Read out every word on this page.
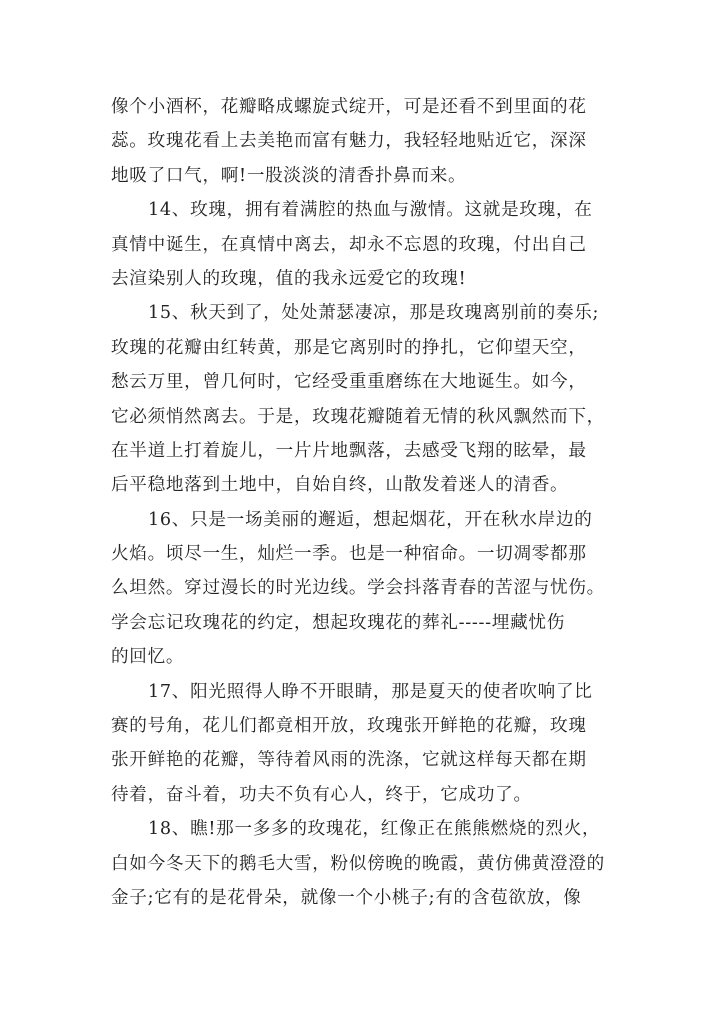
像个小酒杯，花瓣略成螺旋式绽开，可是还看不到里面的花
蕊。玫瑰花看上去美艳而富有魅力，我轻轻地贴近它，深深
地吸了口气，啊!一股淡淡的清香扑鼻而来。
14、玫瑰，拥有着满腔的热血与激情。这就是玫瑰，在
真情中诞生，在真情中离去，却永不忘恩的玫瑰，付出自己
去渲染别人的玫瑰，值的我永远爱它的玫瑰!
15、秋天到了，处处萧瑟凄凉，那是玫瑰离别前的奏乐;
玫瑰的花瓣由红转黄，那是它离别时的挣扎，它仰望天空，
愁云万里，曾几何时，它经受重重磨练在大地诞生。如今，
它必须悄然离去。于是，玫瑰花瓣随着无情的秋风飘然而下，
在半道上打着旋儿，一片片地飘落，去感受飞翔的眩晕，最
后平稳地落到土地中，自始自终，山散发着迷人的清香。
16、只是一场美丽的邂逅，想起烟花，开在秋水岸边的
火焰。顷尽一生，灿烂一季。也是一种宿命。一切凋零都那
么坦然。穿过漫长的时光边线。学会抖落青春的苦涩与忧伤。
学会忘记玫瑰花的约定，想起玫瑰花的葬礼-----埋藏忧伤
的回忆。
17、阳光照得人睁不开眼睛，那是夏天的使者吹响了比
赛的号角，花儿们都竟相开放，玫瑰张开鲜艳的花瓣，玫瑰
张开鲜艳的花瓣，等待着风雨的洗涤，它就这样每天都在期
待着，奋斗着，功夫不负有心人，终于，它成功了。
18、瞧!那一多多的玫瑰花，红像正在熊熊燃烧的烈火，
白如今冬天下的鹅毛大雪，粉似傍晚的晚霞，黄仿佛黄澄澄的
金子;它有的是花骨朵，就像一个小桃子;有的含苞欲放，像
